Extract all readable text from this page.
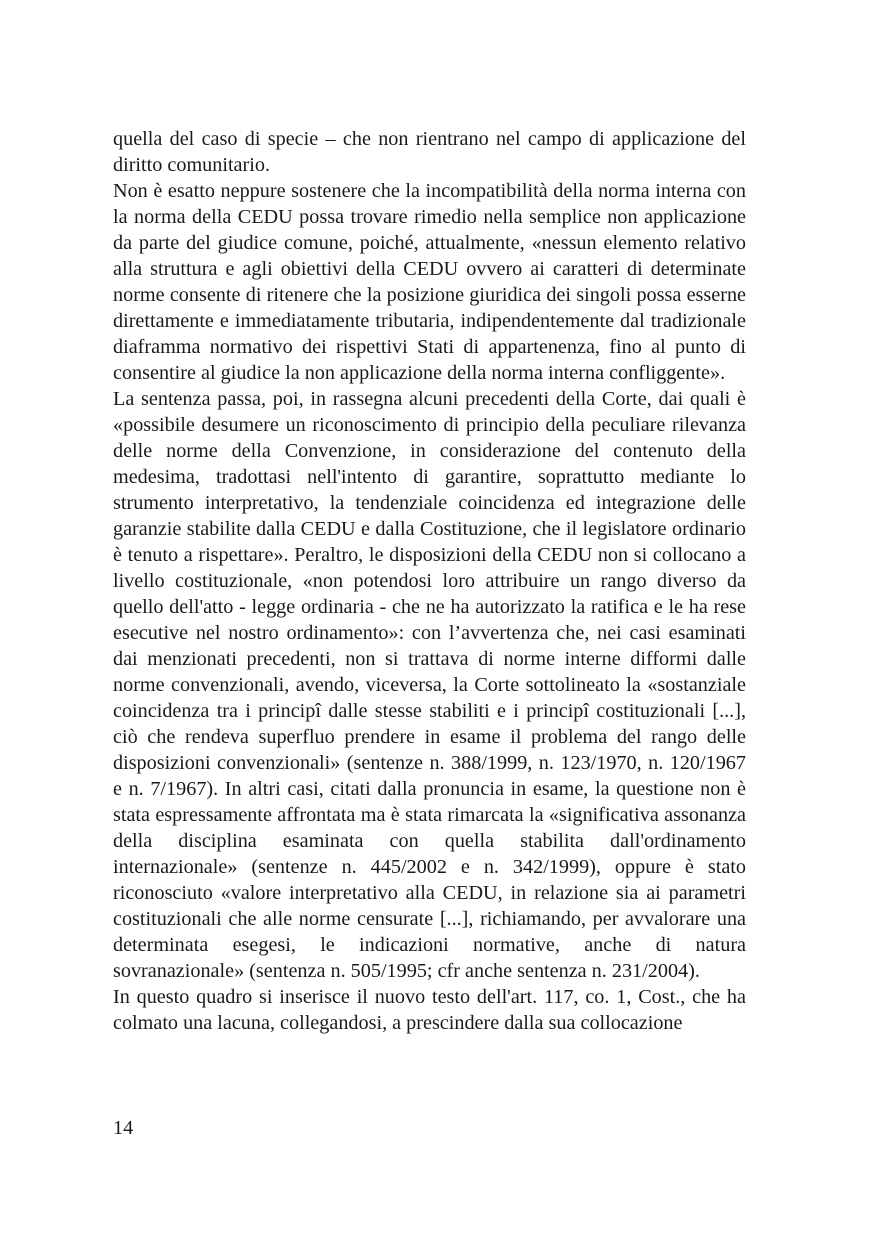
quella del caso di specie – che non rientrano nel campo di applicazione del diritto comunitario.

Non è esatto neppure sostenere che la incompatibilità della norma interna con la norma della CEDU possa trovare rimedio nella semplice non applicazione da parte del giudice comune, poiché, attualmente, «nessun elemento relativo alla struttura e agli obiettivi della CEDU ovvero ai caratteri di determinate norme consente di ritenere che la posizione giuridica dei singoli possa esserne direttamente e immediatamente tributaria, indipendentemente dal tradizionale diaframma normativo dei rispettivi Stati di appartenenza, fino al punto di consentire al giudice la non applicazione della norma interna confliggente».

La sentenza passa, poi, in rassegna alcuni precedenti della Corte, dai quali è «possibile desumere un riconoscimento di principio della peculiare rilevanza delle norme della Convenzione, in considerazione del contenuto della medesima, tradottasi nell'intento di garantire, soprattutto mediante lo strumento interpretativo, la tendenziale coincidenza ed integrazione delle garanzie stabilite dalla CEDU e dalla Costituzione, che il legislatore ordinario è tenuto a rispettare». Peraltro, le disposizioni della CEDU non si collocano a livello costituzionale, «non potendosi loro attribuire un rango diverso da quello dell'atto - legge ordinaria - che ne ha autorizzato la ratifica e le ha rese esecutive nel nostro ordinamento»: con l’avvertenza che, nei casi esaminati dai menzionati precedenti, non si trattava di norme interne difformi dalle norme convenzionali, avendo, viceversa, la Corte sottolineato la «sostanziale coincidenza tra i principî dalle stesse stabiliti e i principî costituzionali [...], ciò che rendeva superfluo prendere in esame il problema del rango delle disposizioni convenzionali» (sentenze n. 388/1999, n. 123/1970, n. 120/1967 e n. 7/1967). In altri casi, citati dalla pronuncia in esame, la questione non è stata espressamente affrontata ma è stata rimarcata la «significativa assonanza della disciplina esaminata con quella stabilita dall'ordinamento internazionale» (sentenze n. 445/2002 e n. 342/1999), oppure è stato riconosciuto «valore interpretativo alla CEDU, in relazione sia ai parametri costituzionali che alle norme censurate [...], richiamando, per avvalorare una determinata esegesi, le indicazioni normative, anche di natura sovranazionale» (sentenza n. 505/1995; cfr anche sentenza n. 231/2004).

In questo quadro si inserisce il nuovo testo dell'art. 117, co. 1, Cost., che ha colmato una lacuna, collegandosi, a prescindere dalla sua collocazione

14
